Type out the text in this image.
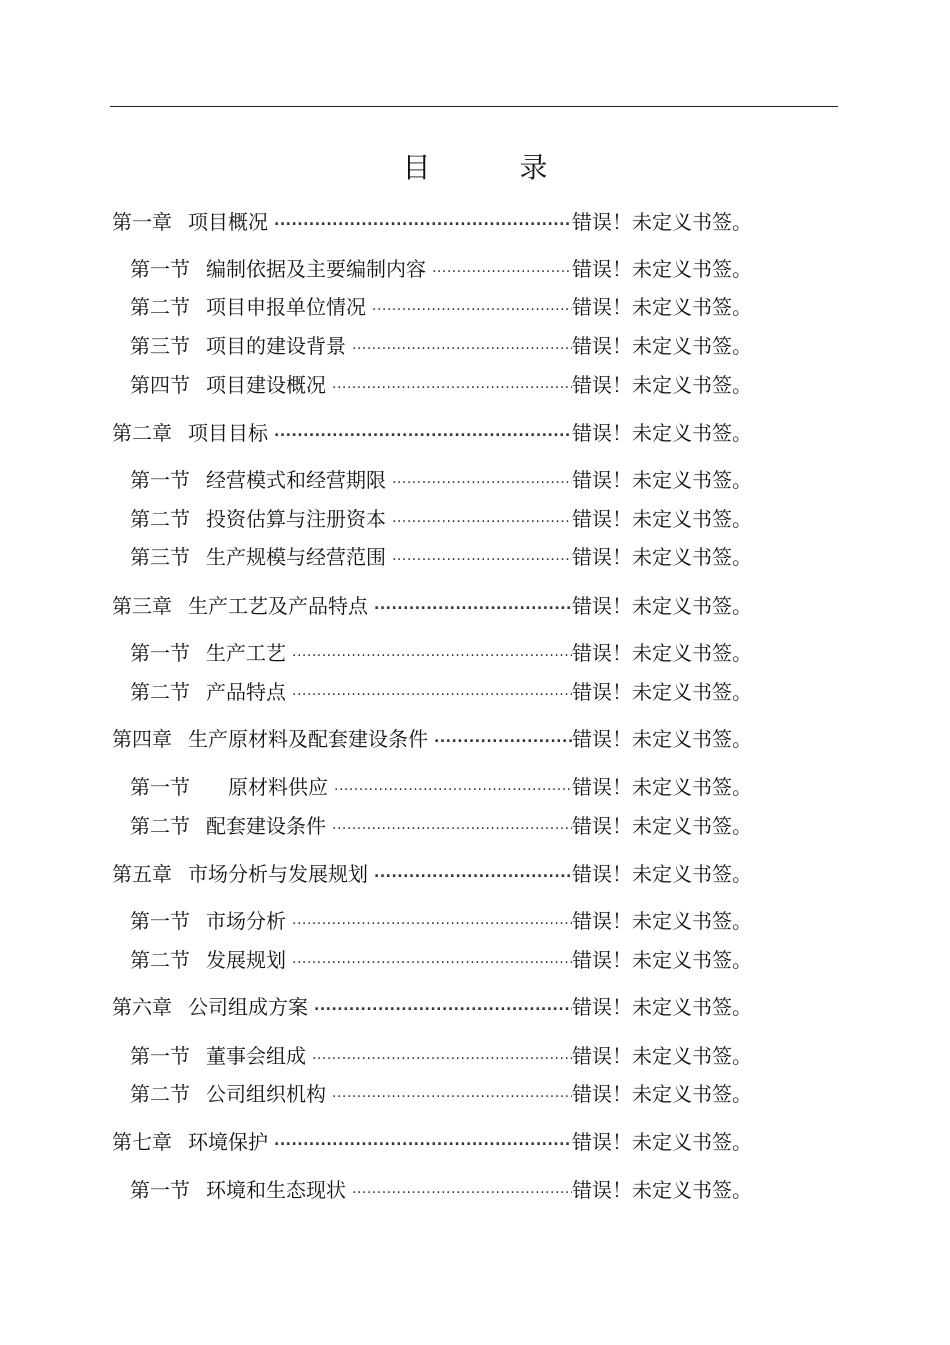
目 录
第一章 项目概况 .....	错误！未定义书签。
第一节 编制依据及主要编制内容 .....	错误！未定义书签。
第二节 项目申报单位情况 .....	错误！未定义书签。
第三节 项目的建设背景 .....	错误！未定义书签。
第四节 项目建设概况 .....	错误！未定义书签。
第二章 项目目标 .....	错误！未定义书签。
第一节 经营模式和经营期限 .....	错误！未定义书签。
第二节 投资估算与注册资本 .....	错误！未定义书签。
第三节 生产规模与经营范围 .....	错误！未定义书签。
第三章 生产工艺及产品特点 .....	错误！未定义书签。
第一节 生产工艺 .....	错误！未定义书签。
第二节 产品特点 .....	错误！未定义书签。
第四章 生产原材料及配套建设条件 .....	错误！未定义书签。
第一节 原材料供应 .....	错误！未定义书签。
第二节 配套建设条件 .....	错误！未定义书签。
第五章 市场分析与发展规划 .....	错误！未定义书签。
第一节 市场分析 .....	错误！未定义书签。
第二节 发展规划 .....	错误！未定义书签。
第六章 公司组成方案 .....	错误！未定义书签。
第一节 董事会组成 .....	错误！未定义书签。
第二节 公司组织机构 .....	错误！未定义书签。
第七章 环境保护 .....	错误！未定义书签。
第一节 环境和生态现状 .....	错误！未定义书签。
